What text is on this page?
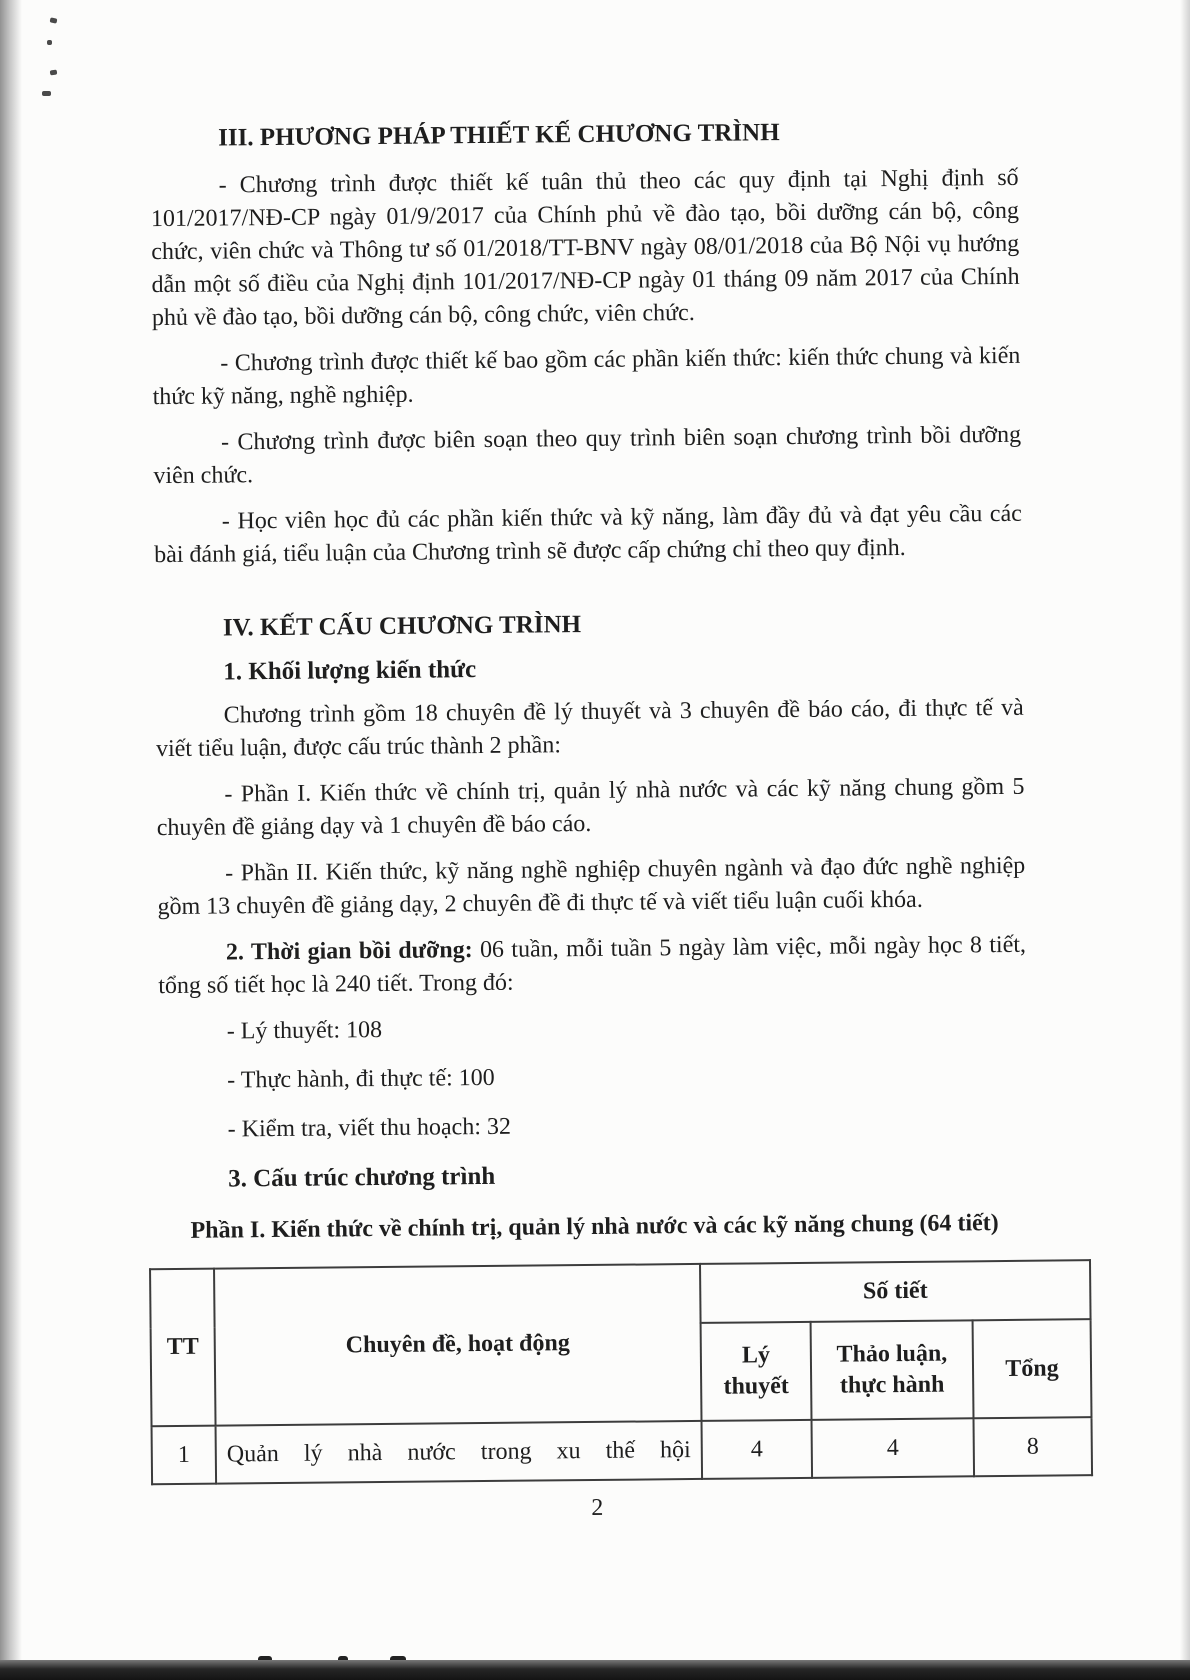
III. PHƯƠNG PHÁP THIẾT KẾ CHƯƠNG TRÌNH

- Chương trình được thiết kế tuân thủ theo các quy định tại Nghị định số 101/2017/NĐ-CP ngày 01/9/2017 của Chính phủ về đào tạo, bồi dưỡng cán bộ, công chức, viên chức và Thông tư số 01/2018/TT-BNV ngày 08/01/2018 của Bộ Nội vụ hướng dẫn một số điều của Nghị định 101/2017/NĐ-CP ngày 01 tháng 09 năm 2017 của Chính phủ về đào tạo, bồi dưỡng cán bộ, công chức, viên chức.

- Chương trình được thiết kế bao gồm các phần kiến thức: kiến thức chung và kiến thức kỹ năng, nghề nghiệp.

- Chương trình được biên soạn theo quy trình biên soạn chương trình bồi dưỡng viên chức.

- Học viên học đủ các phần kiến thức và kỹ năng, làm đầy đủ và đạt yêu cầu các bài đánh giá, tiểu luận của Chương trình sẽ được cấp chứng chỉ theo quy định.

IV. KẾT CẤU CHƯƠNG TRÌNH
1. Khối lượng kiến thức

Chương trình gồm 18 chuyên đề lý thuyết và 3 chuyên đề báo cáo, đi thực tế và viết tiểu luận, được cấu trúc thành 2 phần:

- Phần I. Kiến thức về chính trị, quản lý nhà nước và các kỹ năng chung gồm 5 chuyên đề giảng dạy và 1 chuyên đề báo cáo.

- Phần II. Kiến thức, kỹ năng nghề nghiệp chuyên ngành và đạo đức nghề nghiệp gồm 13 chuyên đề giảng dạy, 2 chuyên đề đi thực tế và viết tiểu luận cuối khóa.

2. Thời gian bồi dưỡng: 06 tuần, mỗi tuần 5 ngày làm việc, mỗi ngày học 8 tiết, tổng số tiết học là 240 tiết. Trong đó:

- Lý thuyết: 108

- Thực hành, đi thực tế: 100

- Kiểm tra, viết thu hoạch: 32

3. Cấu trúc chương trình
Phần I. Kiến thức về chính trị, quản lý nhà nước và các kỹ năng chung (64 tiết)
TT	Chuyên đề, hoạt động	Số tiết		
		Lý thuyết	Thảo luận, thực hành	Tổng
1	Quản lý nhà nước trong xu thế hội	4	4	8
2
